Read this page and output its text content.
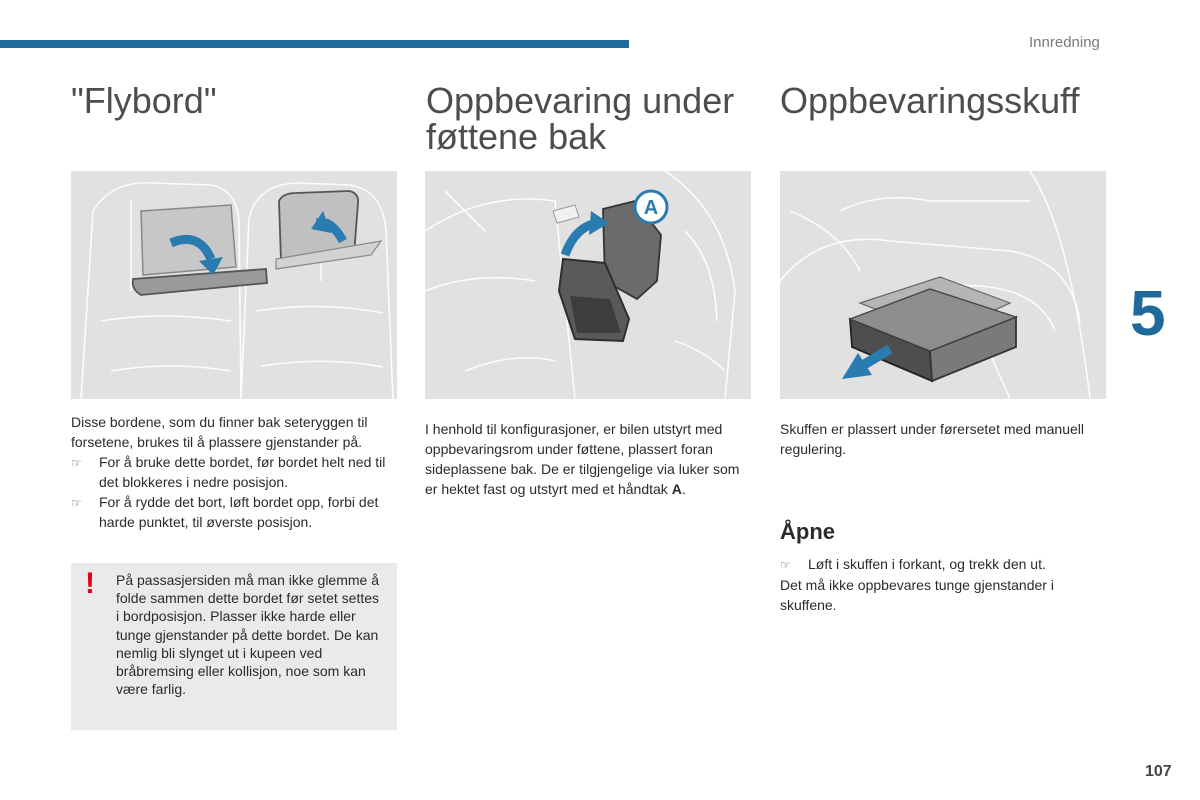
Innredning
5
107
"Flybord"

Disse bordene, som du finner bak seteryggen til forsetene, brukes til å plassere gjenstander på.

☞	For å bruke dette bordet, før bordet helt ned til det blokkeres i nedre posisjon.
☞	For å rydde det bort, løft bordet opp, forbi det harde punktet, til øverste posisjon.
! På passasjersiden må man ikke glemme å folde sammen dette bordet før setet settes i bordposisjon. Plasser ikke harde eller tunge gjenstander på dette bordet. De kan nemlig bli slynget ut i kupeen ved bråbremsing eller kollisjon, noe som kan være farlig.

Oppbevaring under
føttene bak
A

I henhold til konfigurasjoner, er bilen utstyrt med oppbevaringsrom under føttene, plassert foran sideplassene bak. De er tilgjengelige via luker som er hektet fast og utstyrt med et håndtak A.

Oppbevaringsskuff
Skuffen er plassert under førersetet med manuell regulering.
Åpne
☞	Løft i skuffen i forkant, og trekk den ut.

Det må ikke oppbevares tunge gjenstander i skuffene.
